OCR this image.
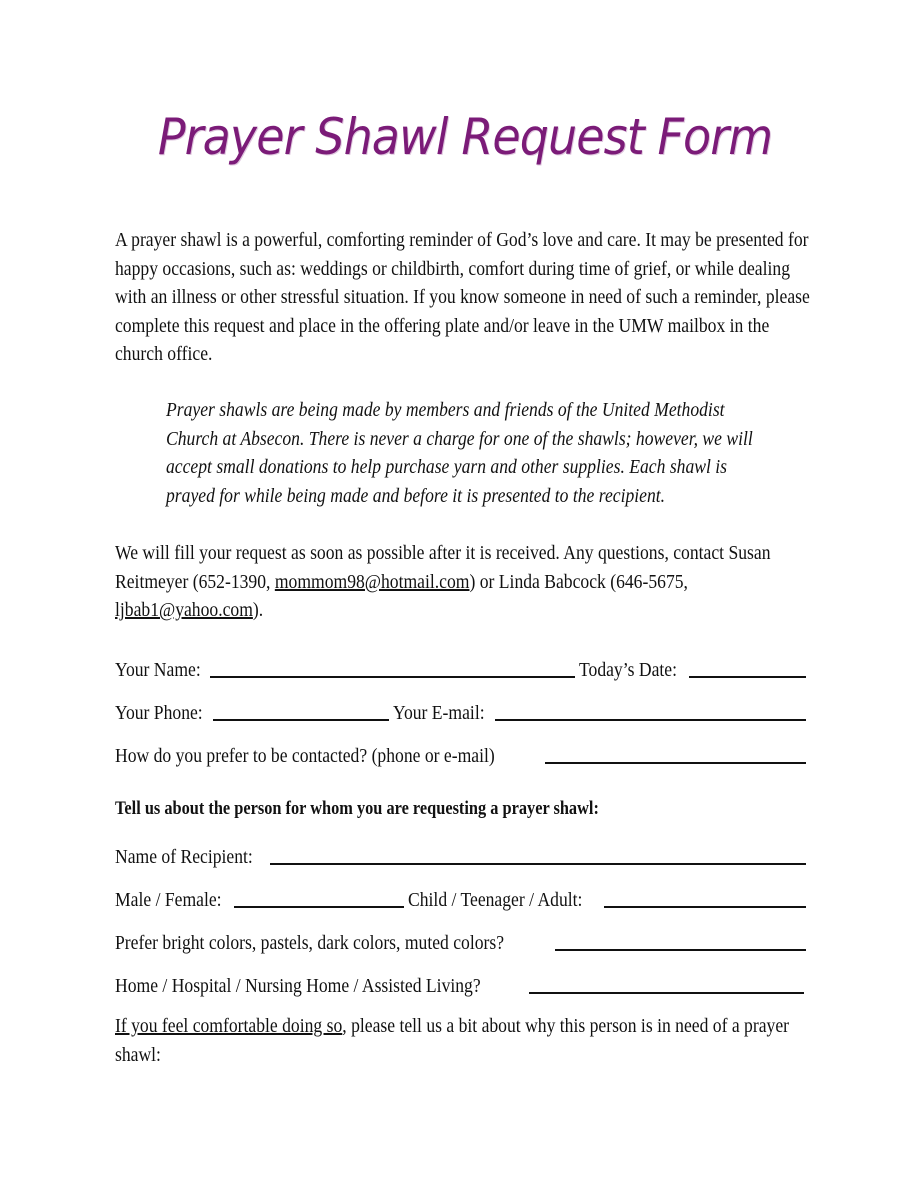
Prayer Shawl Request Form
A prayer shawl is a powerful, comforting reminder of God’s love and care. It may be presented for happy occasions, such as: weddings or childbirth, comfort during time of grief, or while dealing with an illness or other stressful situation. If you know someone in need of such a reminder, please complete this request and place in the offering plate and/or leave in the UMW mailbox in the church office.
Prayer shawls are being made by members and friends of the United Methodist Church at Absecon. There is never a charge for one of the shawls; however, we will accept small donations to help purchase yarn and other supplies. Each shawl is prayed for while being made and before it is presented to the recipient.
We will fill your request as soon as possible after it is received. Any questions, contact Susan Reitmeyer (652-1390, mommom98@hotmail.com) or Linda Babcock (646-5675, ljbab1@yahoo.com).
Your Name:	Today’s Date:
Your Phone:	Your E-mail:
How do you prefer to be contacted? (phone or e-mail)
Tell us about the person for whom you are requesting a prayer shawl:
Name of Recipient:
Male / Female:	Child / Teenager / Adult:
Prefer bright colors, pastels, dark colors, muted colors?
Home / Hospital / Nursing Home / Assisted Living?
If you feel comfortable doing so, please tell us a bit about why this person is in need of a prayer shawl:
